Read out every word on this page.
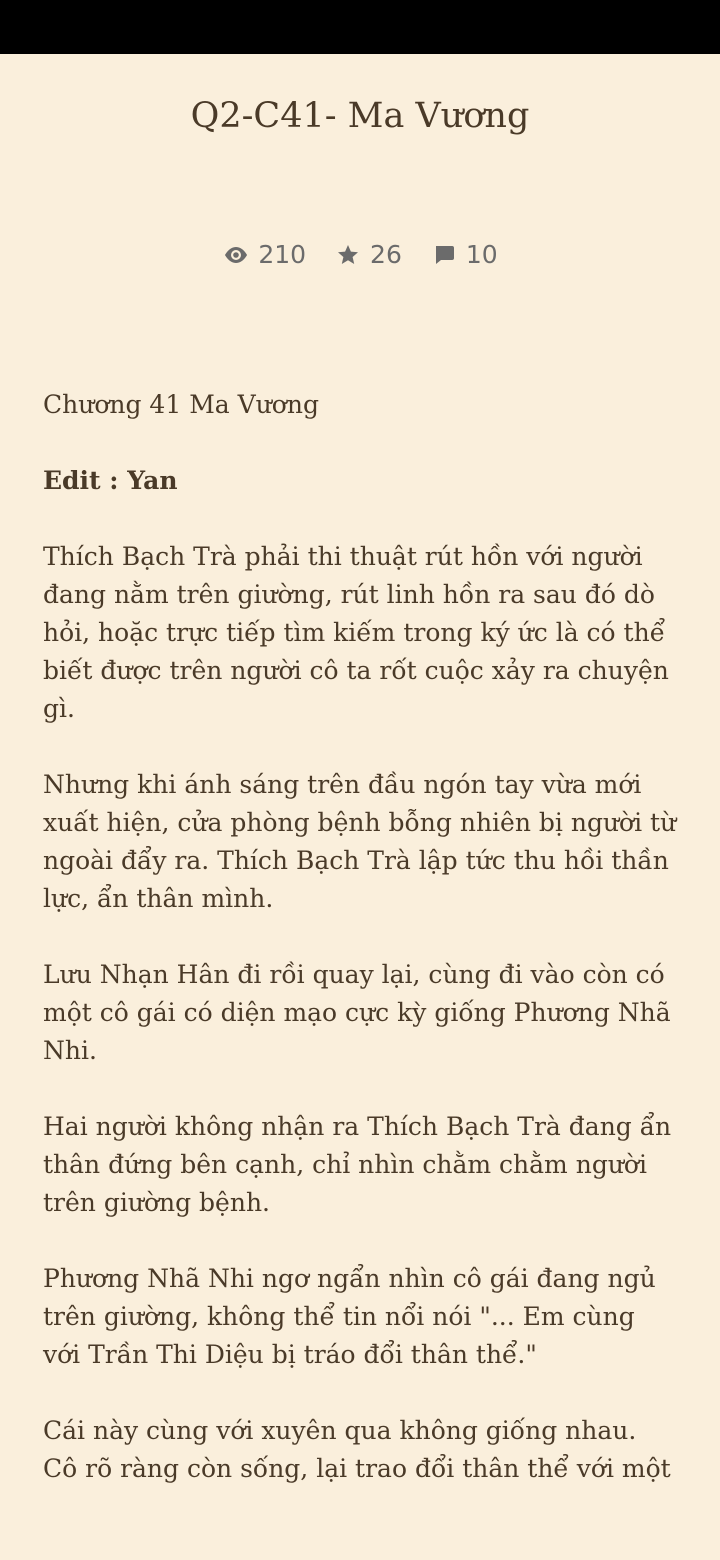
Q2-C41- Ma Vương
210	26	10

Chương 41 Ma Vương

Edit : Yan

Thích Bạch Trà phải thi thuật rút hồn với người đang nằm trên giường, rút linh hồn ra sau đó dò hỏi, hoặc trực tiếp tìm kiếm trong ký ức là có thể biết được trên người cô ta rốt cuộc xảy ra chuyện gì.

Nhưng khi ánh sáng trên đầu ngón tay vừa mới xuất hiện, cửa phòng bệnh bỗng nhiên bị người từ ngoài đẩy ra. Thích Bạch Trà lập tức thu hồi thần lực, ẩn thân mình.

Lưu Nhạn Hân đi rồi quay lại, cùng đi vào còn có một cô gái có diện mạo cực kỳ giống Phương Nhã Nhi.

Hai người không nhận ra Thích Bạch Trà đang ẩn thân đứng bên cạnh, chỉ nhìn chằm chằm người trên giường bệnh.

Phương Nhã Nhi ngơ ngẩn nhìn cô gái đang ngủ trên giường, không thể tin nổi nói "... Em cùng với Trần Thi Diệu bị tráo đổi thân thể."

Cái này cùng với xuyên qua không giống nhau. Cô rõ ràng còn sống, lại trao đổi thân thể với một
